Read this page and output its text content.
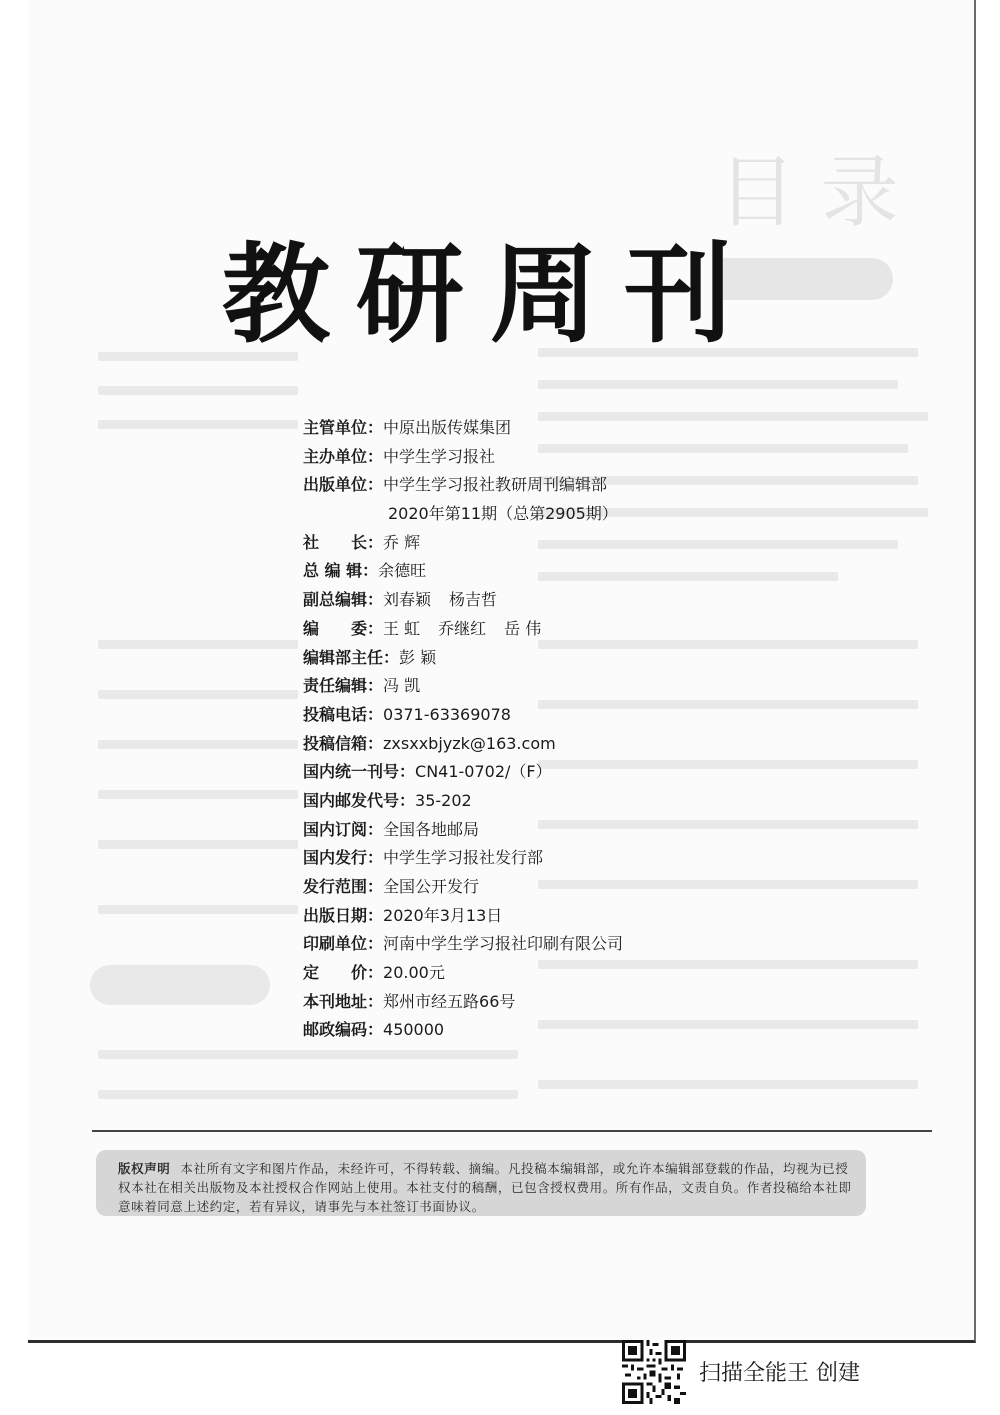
目 录
教研周刊
主管单位： 中原出版传媒集团
主办单位： 中学生学习报社
出版单位： 中学生学习报社教研周刊编辑部
2020年第11期（总第2905期）
社　　长： 乔 辉
总 编 辑： 余德旺
副总编辑： 刘春颖 杨吉哲
编　　委： 王 虹 乔继红 岳 伟
编辑部主任： 彭 颖
责任编辑： 冯 凯
投稿电话： 0371-63369078
投稿信箱： zxsxxbjyzk@163.com
国内统一刊号： CN41-0702/（F）
国内邮发代号： 35-202
国内订阅： 全国各地邮局
国内发行： 中学生学习报社发行部
发行范围： 全国公开发行
出版日期： 2020年3月13日
印刷单位： 河南中学生学习报社印刷有限公司
定　　价： 20.00元
本刊地址： 郑州市经五路66号
邮政编码： 450000
版权声明 本社所有文字和图片作品，未经许可，不得转载、摘编。凡投稿本编辑部，或允许本编辑部登载的作品，均视为已授权本社在相关出版物及本社授权合作网站上使用。本社支付的稿酬，已包含授权费用。所有作品，文责自负。作者投稿给本社即意味着同意上述约定，若有异议，请事先与本社签订书面协议。
扫描全能王 创建
